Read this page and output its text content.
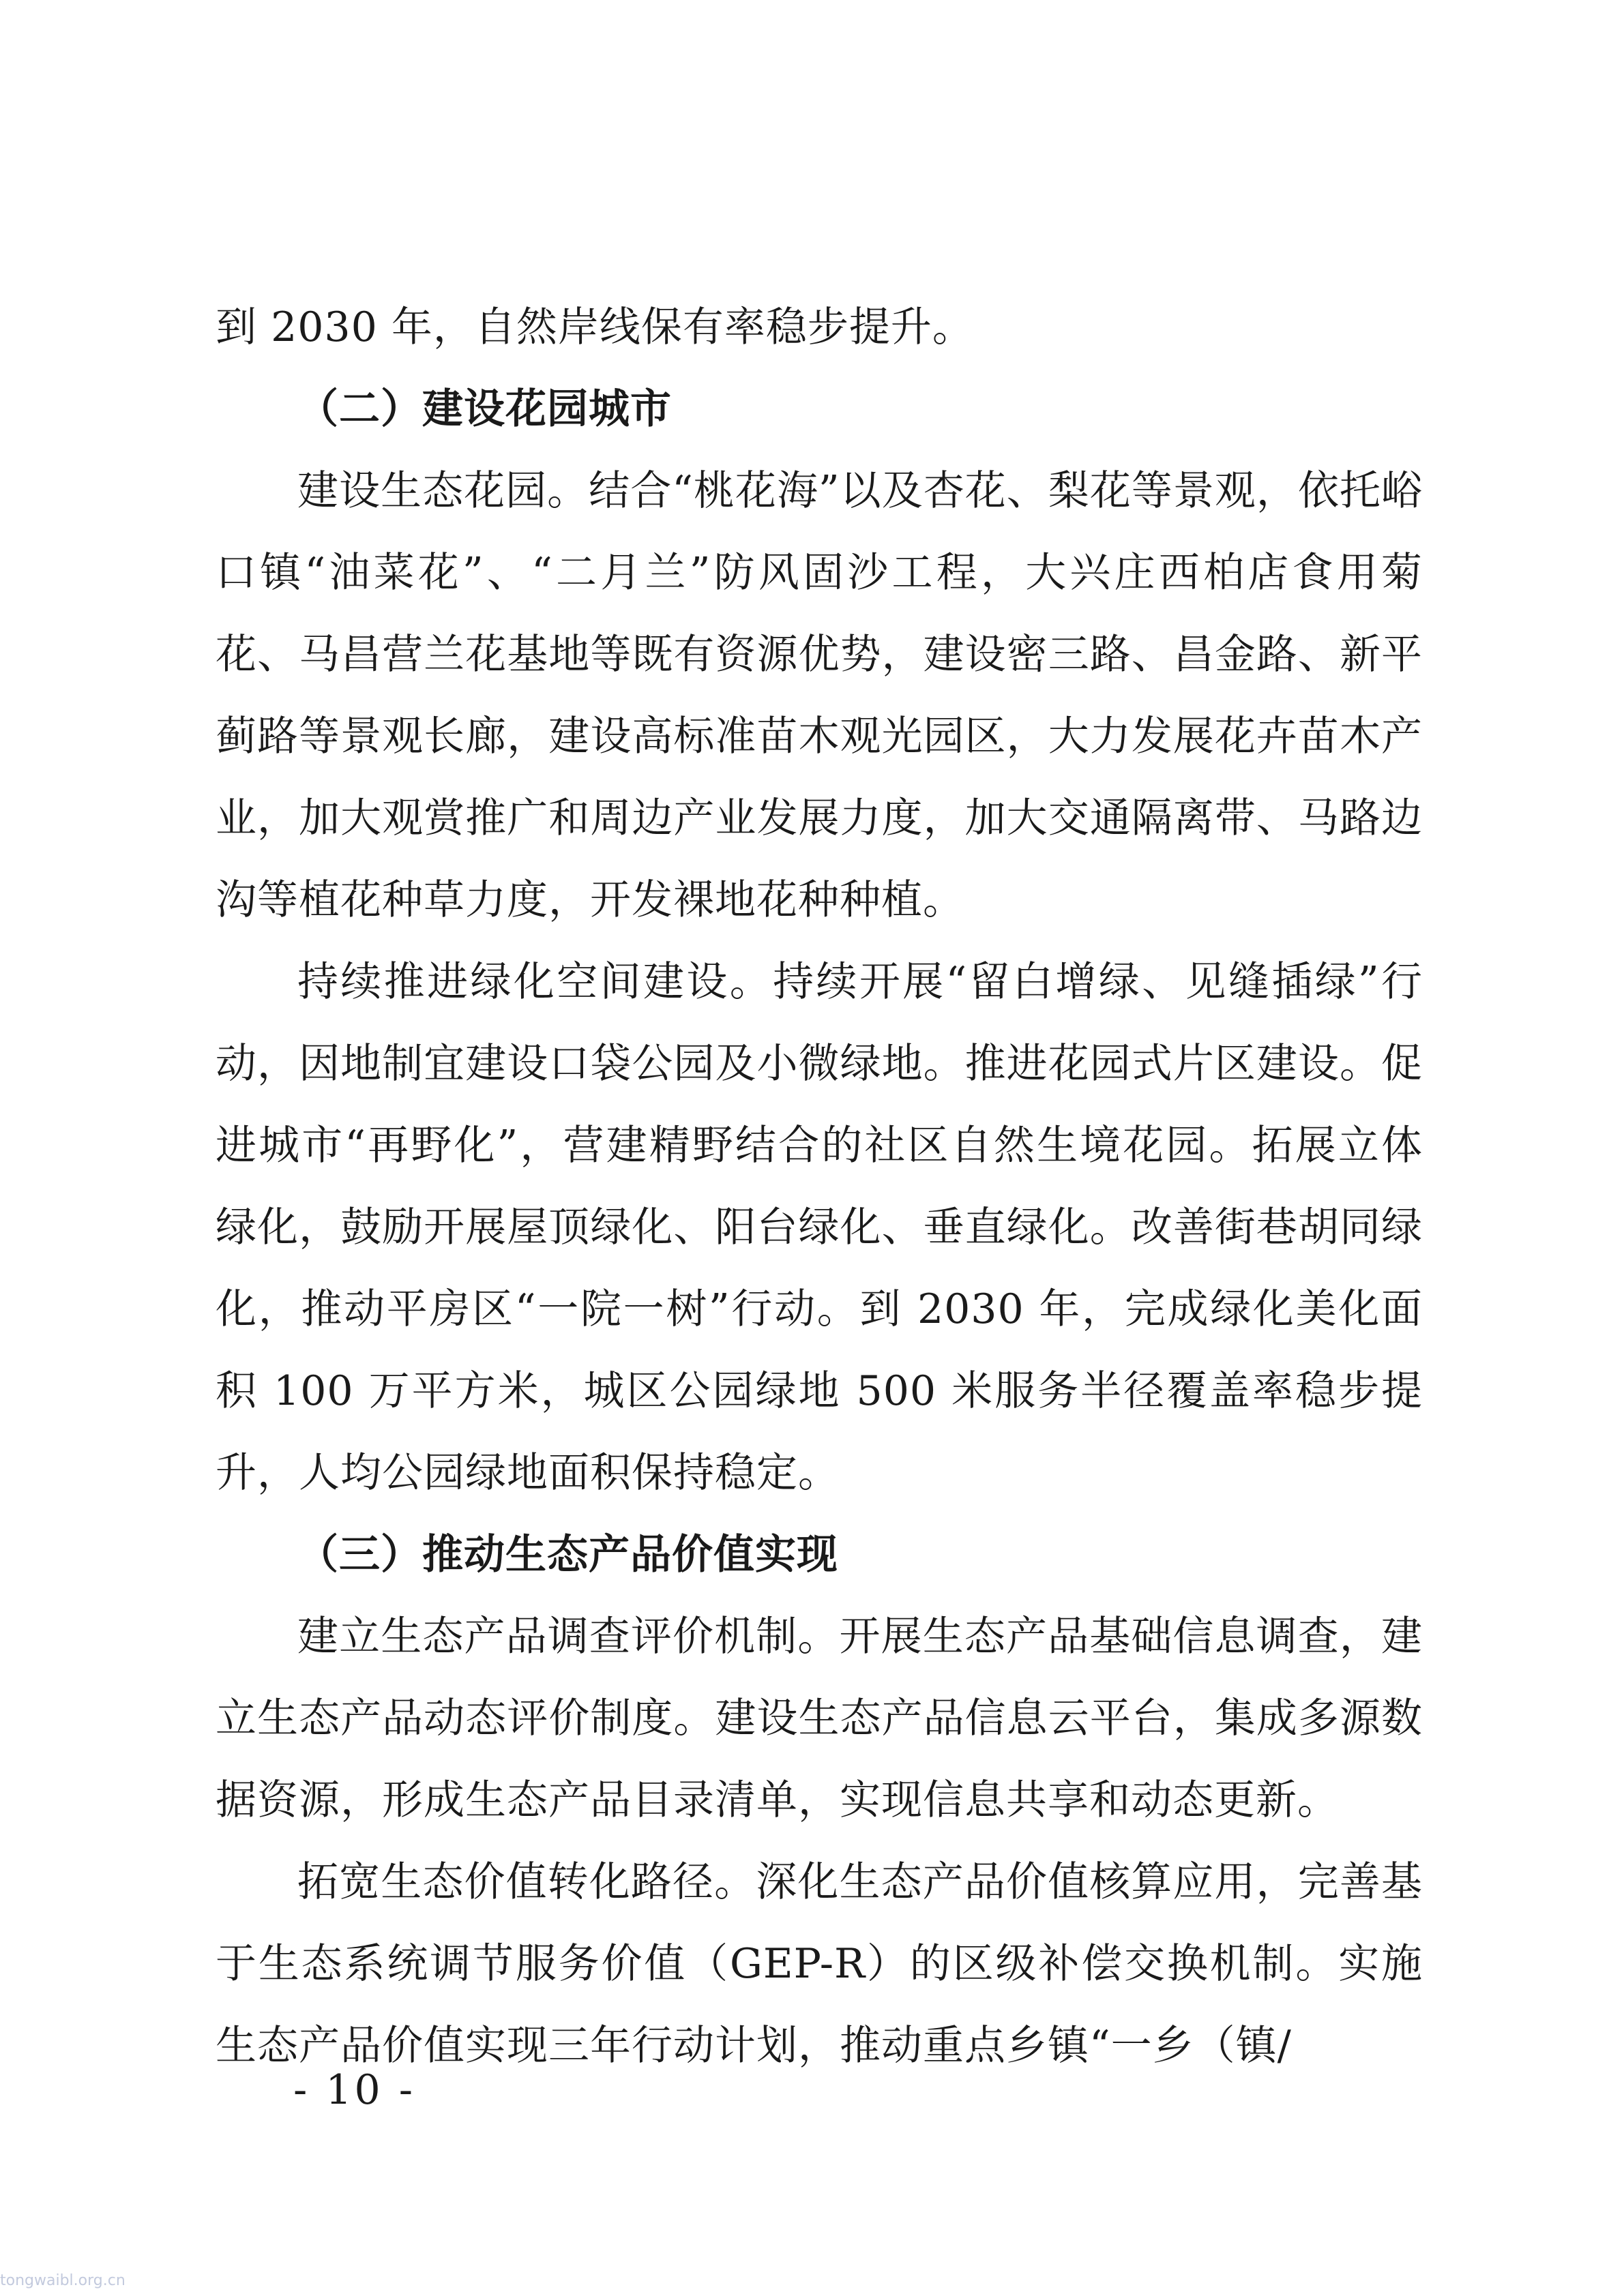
到 2030 年，自然岸线保有率稳步提升。

（二）建设花园城市

建设生态花园。结合“桃花海”以及杏花、梨花等景观，依托峪口镇“油菜花”、“二月兰”防风固沙工程，大兴庄西柏店食用菊花、马昌营兰花基地等既有资源优势，建设密三路、昌金路、新平蓟路等景观长廊，建设高标准苗木观光园区，大力发展花卉苗木产业，加大观赏推广和周边产业发展力度，加大交通隔离带、马路边沟等植花种草力度，开发裸地花种种植。

持续推进绿化空间建设。持续开展“留白增绿、见缝插绿”行动，因地制宜建设口袋公园及小微绿地。推进花园式片区建设。促进城市“再野化”，营建精野结合的社区自然生境花园。拓展立体绿化，鼓励开展屋顶绿化、阳台绿化、垂直绿化。改善街巷胡同绿化，推动平房区“一院一树”行动。到 2030 年，完成绿化美化面积 100 万平方米，城区公园绿地 500 米服务半径覆盖率稳步提升，人均公园绿地面积保持稳定。

（三）推动生态产品价值实现

建立生态产品调查评价机制。开展生态产品基础信息调查，建立生态产品动态评价制度。建设生态产品信息云平台，集成多源数据资源，形成生态产品目录清单，实现信息共享和动态更新。

拓宽生态价值转化路径。深化生态产品价值核算应用，完善基于生态系统调节服务价值（GEP-R）的区级补偿交换机制。实施生态产品价值实现三年行动计划，推动重点乡镇“一乡（镇/

- 10 -
tongwaibl.org.cn
